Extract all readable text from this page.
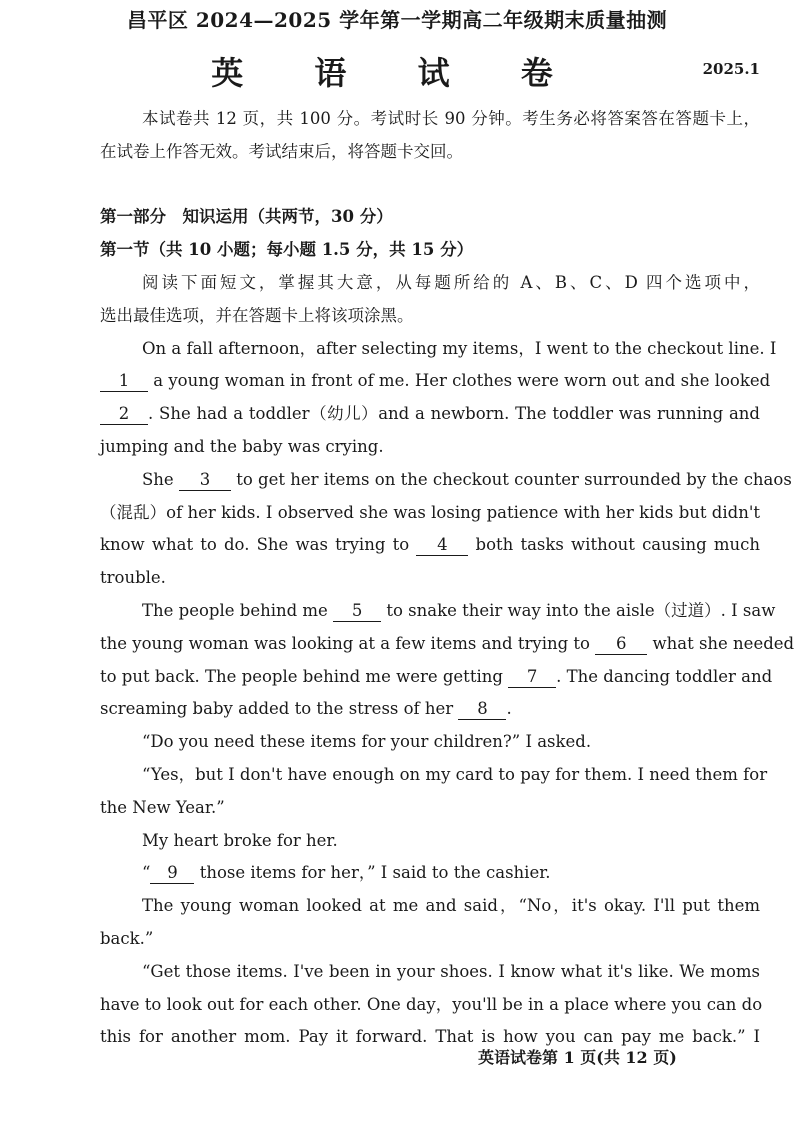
昌平区 2024—2025 学年第一学期高二年级期末质量抽测
英 语 试 卷	2025.1
本试卷共 12 页，共 100 分。考试时长 90 分钟。考生务必将答案答在答题卡上，
在试卷上作答无效。考试结束后，将答题卡交回。
第一部分　知识运用（共两节，30 分）
第一节（共 10 小题；每小题 1.5 分，共 15 分）
阅读下面短文，掌握其大意，从每题所给的 A、B、C、D 四个选项中，
选出最佳选项，并在答题卡上将该项涂黑。
On a fall afternoon，after selecting my items，I went to the checkout line. I
1 a young woman in front of me. Her clothes were worn out and she looked
2 . She had a toddler（幼儿）and a newborn. The toddler was running and
jumping and the baby was crying.
She 3 to get her items on the checkout counter surrounded by the chaos
（混乱）of her kids. I observed she was losing patience with her kids but didn't
know what to do. She was trying to 4 both tasks without causing much
trouble.
The people behind me 5 to snake their way into the aisle（过道）. I saw
the young woman was looking at a few items and trying to 6 what she needed
to put back. The people behind me were getting 7 . The dancing toddler and
screaming baby added to the stress of her 8 .
“Do you need these items for your children?” I asked.
“Yes，but I don't have enough on my card to pay for them. I need them for
the New Year.”
My heart broke for her.
“ 9 those items for her，” I said to the cashier.
The young woman looked at me and said，“No，it's okay. I'll put them
back.”
“Get those items. I've been in your shoes. I know what it's like. We moms
have to look out for each other. One day，you'll be in a place where you can do
this for another mom. Pay it forward. That is how you can pay me back.” I
英语试卷第 1 页(共 12 页)
